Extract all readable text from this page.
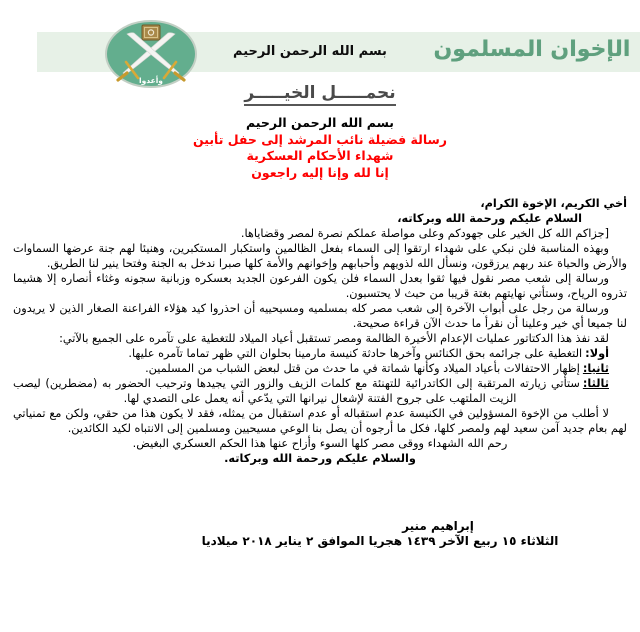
وأعدوا
بسم الله الرحمن الرحيم	الإخوان المسلمون
نحمـــــل الخيـــــر
بسم الله الرحمن الرحيم
رسالة فضيلة نائب المرشد إلى حفل تأبين
شهداء الأحكام العسكرية
إنا لله وإنا إليه راجعون

أخي الكريم، الإخوة الكرام،

السلام عليكم ورحمة الله وبركاته،

[جزاكم الله كل الخير على جهودكم وعلى مواصلة عملكم نصرة لمصر وقضاياها.

وبهذه المناسبة فلن نبكي على شهداء ارتقوا إلى السماء بفعل الظالمين واستكبار المستكبرين، وهنيئا لهم جنة عرضها السماوات والأرض والحياة عند ربهم يرزقون، ونسأل الله لذويهم وأحبابهم وإخوانهم والأمة كلها صبرا ندخل به الجنة وفتحا ينير لنا الطريق.

ورسالة إلى شعب مصر نقول فيها ثقوا بعدل السماء فلن يكون الفرعون الجديد بعسكره وزبانية سجونه وغثاء أنصاره إلا هشيما تذروه الرياح، وستأتي نهايتهم بغتة قريبا من حيث لا يحتسبون.

ورسالة من رجل على أبواب الآخرة إلى شعب مصر كله بمسلميه ومسيحييه أن احذروا كيد هؤلاء الفراعنة الصغار الذين لا يريدون لنا جميعا أي خير وعلينا أن نقرأ ما حدث الآن قراءة صحيحة.

لقد نفذ هذا الدكتاتور عمليات الإعدام الأخيرة الظالمة ومصر تستقبل أعياد الميلاد للتغطية على تآمره على الجميع بالآتي:

أولا:التغطية على جرائمه بحق الكنائس وآخرها حادثة كنيسة مارمينا بحلوان التي ظهر تماما تآمره عليها.

ثانيا:إظهار الاحتفالات بأعياد الميلاد وكأنها شماتة في ما حدث من قتل لبعض الشباب من المسلمين.

ثالثا:ستأتي زيارته المرتقبة إلى الكاتدرائية للتهنئة مع كلمات الزيف والزور التي يجيدها وترحيب الحضور به (مضطرين) ليصب الزيت الملتهب على جروح الفتنة لإشعال نيرانها التي يدّعي أنه يعمل على التصدي لها.

لا أطلب من الإخوة المسؤولين في الكنيسة عدم استقباله أو عدم استقبال من يمثله، فقد لا يكون هذا من حقي، ولكن مع تمنياتي لهم بعام جديد آمن سعيد لهم ولمصر كلها، فكل ما أرجوه أن يصل بنا الوعي مسيحيين ومسلمين إلى الانتباه لكيد الكائدين.

رحم الله الشهداء ووقى مصر كلها السوء وأزاح عنها هذا الحكم العسكري البغيض.

والسلام عليكم ورحمة الله وبركاته.

إبراهيم منير
الثلاثاء ١٥ ربيع الآخر ١٤٣٩ هجريا الموافق ٢ يناير ٢٠١٨ ميلاديا
